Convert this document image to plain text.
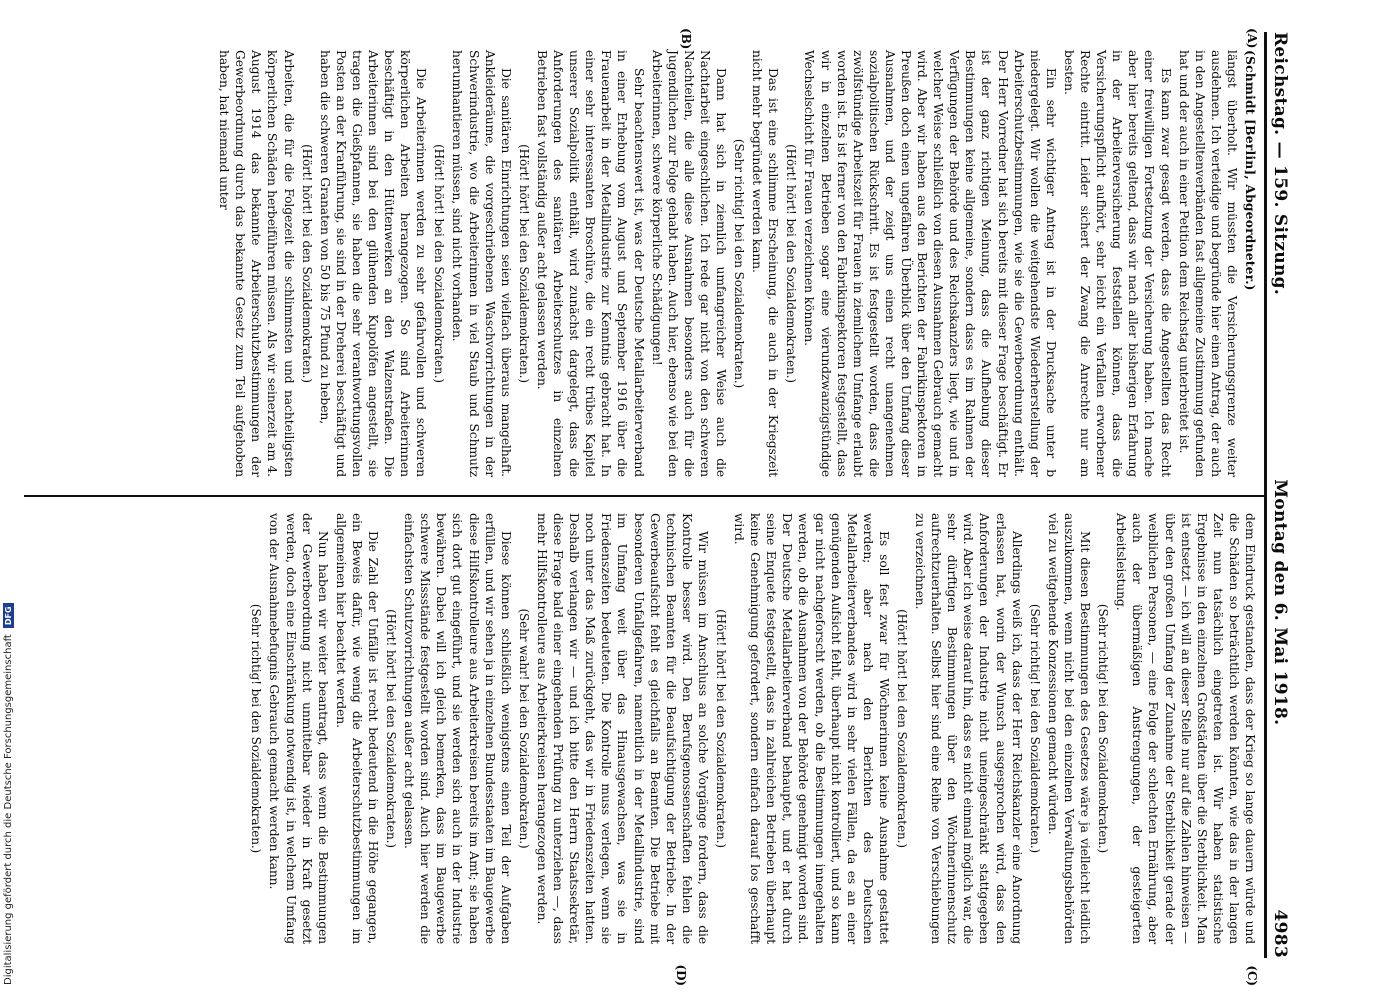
Reichstag. — 159. Sitzung.
Montag den 6. Mai 1918.
4983
(A)
(B)

(Schmidt [Berlin], Abgeordneter.)

längst überholt. Wir müssten die Versicherungsgrenze weiter ausdehnen. Ich verteidige und begründe hier einen Antrag, der auch in den Angestelltenverbänden fast allgemeine Zustimmung gefunden hat und der auch in einer Petition dem Reichstag unterbreitet ist.

Es kann zwar gesagt werden, dass die Angestellten das Recht einer freiwilligen Fortsetzung der Versicherung haben. Ich mache aber hier bereits geltend, dass wir nach aller bisherigen Erfahrung in der Arbeiterversicherung feststellen können, dass die Versicherungspflicht aufhört, sehr leicht ein Verfallen erworbener Rechte eintritt. Leider sichert der Zwang die Anrechte nur am besten.

Ein sehr wichtiger Antrag ist in der Drucksache unter b niedergelegt. Wir wollen die weitgehendste Wiederherstellung der Arbeiterschutzbestimmungen, wie sie die Gewerbeordnung enthält. Der Herr Vorredner hat sich bereits mit dieser Frage beschäftigt. Er ist der ganz richtigen Meinung, dass die Aufhebung dieser Bestimmungen keine allgemeine, sondern dass es im Rahmen der Verfügungen der Behörde und des Reichskanzlers liegt, wie und in welcher Weise schließlich von diesen Ausnahmen Gebrauch gemacht wird. Aber wir haben aus den Berichten der Fabrikinspektoren in Preußen doch einen ungefähren Überblick über den Umfang dieser Ausnahmen, und der zeigt uns einen recht unangenehmen sozialpolitischen Rückschritt. Es ist festgestellt worden, dass die zwölfstündige Arbeitszeit für Frauen in ziemlichem Umfange erlaubt worden ist. Es ist ferner von den Fabrikinspektoren festgestellt, dass wir in einzelnen Betrieben sogar eine vierundzwanzigstündige Wechselschicht für Frauen verzeichnen können.

(Hört! hört! bei den Sozialdemokraten.)

Das ist eine schlimme Erscheinung, die auch in der Kriegszeit nicht mehr begründet werden kann.

(Sehr richtig! bei den Sozialdemokraten.)

Dann hat sich in ziemlich umfangreicher Weise auch die Nachtarbeit eingeschlichen. Ich rede gar nicht von den schweren Nachteilen, die alle diese Ausnahmen besonders auch für die Jugendlichen zur Folge gehabt haben. Auch hier, ebenso wie bei den Arbeiterinnen, schwere körperliche Schädigungen!

Sehr beachtenswert ist, was der Deutsche Metallarbeiterverband in einer Erhebung vom August und September 1916 über die Frauenarbeit in der Metallindustrie zur Kenntnis gebracht hat. In einer sehr interessanten Broschüre, die ein recht trübes Kapitel unserer Sozialpolitik enthält, wird zunächst dargelegt, dass die Anforderungen des sanitären Arbeiterschutzes in einzelnen Betrieben fast vollständig außer acht gelassen werden.

(Hört! hört! bei den Sozialdemokraten.)

Die sanitären Einrichtungen seien vielfach überaus mangelhaft. Ankleideräume, die vorgeschriebenen Waschvorrichtungen in der Schwerindustrie, wo die Arbeiterinnen in viel Staub und Schmutz herumhantieren müssen, sind nicht vorhanden.

(Hört! hört! bei den Sozialdemokraten.)

Die Arbeiterinnen werden zu sehr gefahrvollen und schweren körperlichen Arbeiten herangezogen. So sind Arbeiterinnen beschäftigt in den Hüttenwerken an den Walzenstraßen. Die Arbeiterinnen sind bei den glühenden Kupolöfen angestellt, sie tragen die Gießpfannen, sie haben die sehr verantwortungsvollen Posten an der Kranführung, sie sind in der Dreherei beschäftigt und haben die schweren Granaten von 50 bis 75 Pfund zu heben,

(Hört! hört! bei den Sozialdemokraten.)

Arbeiten, die für die Folgezeit die schlimmsten und nachteiligsten körperlichen Schäden herbeiführen müssen. Als wir seinerzeit am 4. August 1914 das bekannte Arbeiterschutzbestimmungen der Gewerbeordnung durch das bekannte Gesetz zum Teil aufgehoben haben, hat niemand unter

(C)
(D)

dem Eindruck gestanden, dass der Krieg so lange dauern würde und die Schäden so beträchtlich werden könnten, wie das in der langen Zeit nun tatsächlich eingetreten ist. Wir haben statistische Ergebnisse in den einzelnen Großstädten über die Sterblichkeit. Man ist entsetzt — ich will an dieser Stelle nur auf die Zahlen hinweisen — über den großen Umfang der Zunahme der Sterblichkeit gerade der weiblichen Personen, — eine Folge der schlechten Ernährung, aber auch der übermäßigen Anstrengungen, der gesteigerten Arbeitsleistung.

(Sehr richtig! bei den Sozialdemokraten.)

Mit diesen Bestimmungen des Gesetzes wäre ja vielleicht leidlich auszukommen, wenn nicht bei den einzelnen Verwaltungsbehörden viel zu weitgehende Konzessionen gemacht würden.

(Sehr richtig! bei den Sozialdemokraten.)

Allerdings weiß ich, dass der Herr Reichskanzler eine Anordnung erlassen hat, worin der Wunsch ausgesprochen wird, dass den Anforderungen der Industrie nicht uneingeschränkt stattgegeben wird. Aber ich weise darauf hin, dass es nicht einmal möglich war, die sehr dürftigen Bestimmungen über den Wöchnerinnenschutz aufrechtzuerhalten. Selbst hier sind eine Reihe von Verschiebungen zu verzeichnen.

(Hört! hört! bei den Sozialdemokraten.)

Es soll fest zwar für Wöchnerinnen keine Ausnahme gestattet werden; aber nach den Berichten des Deutschen Metallarbeiterverbandes wird in sehr vielen Fällen, da es an einer genügenden Aufsicht fehlt, überhaupt nicht kontrolliert, und so kann gar nicht nachgeforscht werden, ob die Bestimmungen innegehalten werden, ob die Ausnahmen von der Behörde genehmigt worden sind. Der Deutsche Metallarbeiterverband behauptet, und er hat durch seine Enquete festgestellt, dass in zahlreichen Betrieben überhaupt keine Genehmigung gefordert, sondern einfach darauf los geschafft wird.

(Hört! hört! bei den Sozialdemokraten.)

Wir müssen im Anschluss an solche Vorgänge fordern, dass die Kontrolle besser wird. Den Berufsgenossenschaften fehlen die technischen Beamten für die Beaufsichtigung der Betriebe. In der Gewerbeaufsicht fehlt es gleichfalls an Beamten. Die Betriebe mit besonderen Unfallgefahren, namentlich in der Metallindustrie, sind im Umfang weit über das Hinausgewachsen, was sie in Friedenszeiten bedeuteten. Die Kontrolle muss verlegen, wenn sie noch unter das Maß zurückgeht, das wir in Friedenszeiten hatten. Deshalb verlangen wir — und ich bitte den Herrn Staatssekretär, diese Frage bald einer eingehenden Prüfung zu unterziehen —, dass mehr Hilfskontrolleure aus Arbeiterkreisen herangezogen werden.

(Sehr wahr! bei den Sozialdemokraten.)

Diese können schließlich wenigstens einen Teil der Aufgaben erfüllen, und wir sehen ja in einzelnen Bundesstaaten im Baugewerbe diese Hilfskontrolleure aus Arbeiterkreisen bereits im Amt; sie haben sich dort gut eingeführt, und sie werden sich auch in der Industrie bewähren. Dabei will ich gleich bemerken, dass im Baugewerbe schwere Missstände festgestellt worden sind. Auch hier werden die einfachsten Schutzvorrichtungen außer acht gelassen.

(Hört! hört! bei den Sozialdemokraten.)

Die Zahl der Unfälle ist recht bedeutend in die Höhe gegangen, ein Beweis dafür, wie wenig die Arbeiterschutzbestimmungen im allgemeinen hier beachtet werden.

Nun haben wir weiter beantragt, dass wenn die Bestimmungen der Gewerbeordnung nicht unmittelbar wieder in Kraft gesetzt werden, doch eine Einschränkung notwendig ist, in welchem Umfang von der Ausnahmebefugnis Gebrauch gemacht werden kann.

(Sehr richtig! bei den Sozialdemokraten.)

Digitalisierung gefördert durch die Deutsche Forschungsgemeinschaft
DFG
